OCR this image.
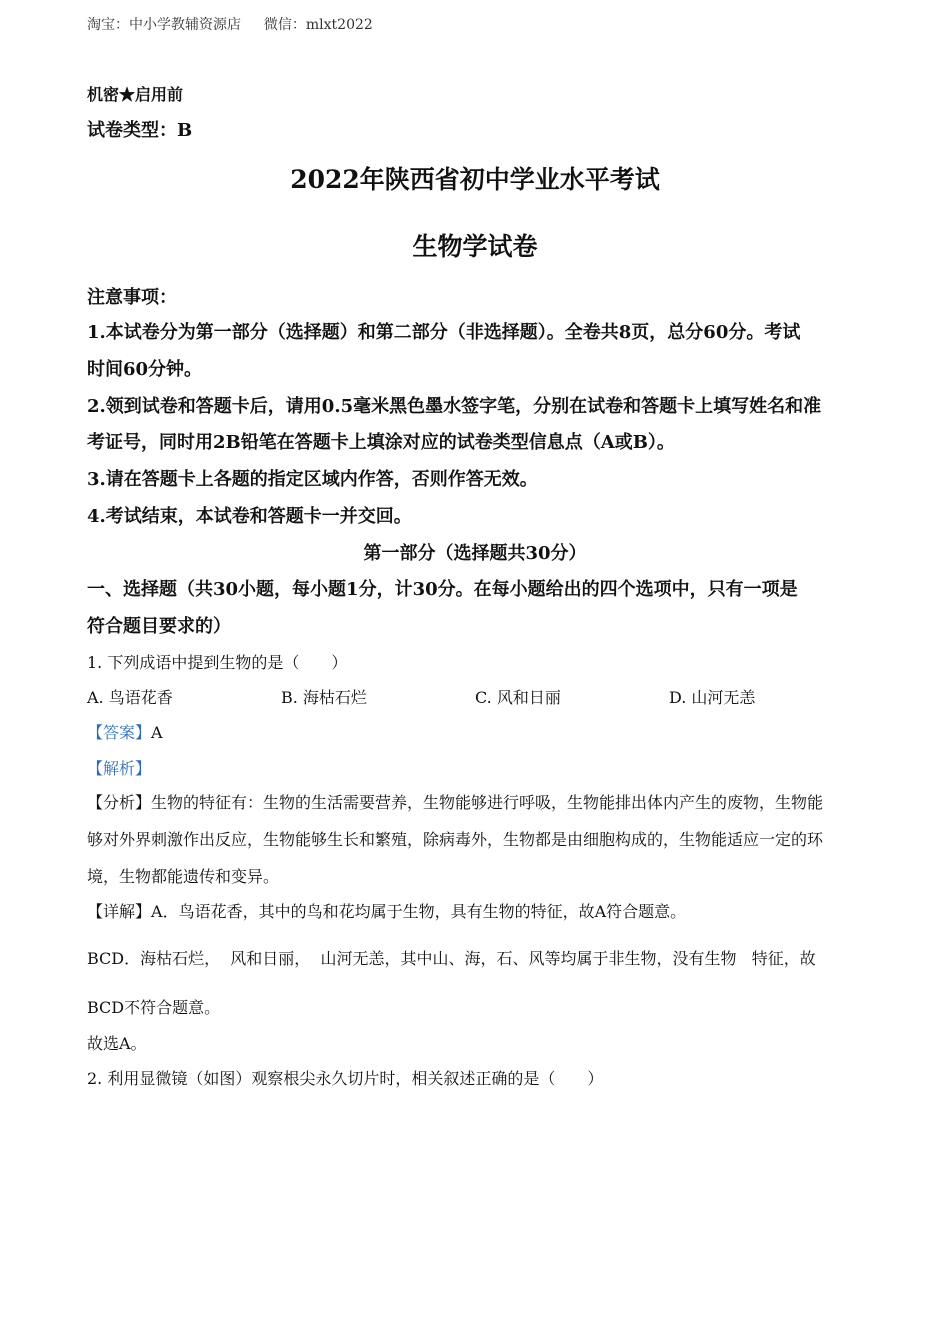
淘宝：中小学教辅资源店 微信：mlxt2022
机密★启用前
试卷类型：B
2022年陕西省初中学业水平考试
生物学试卷
注意事项：
1.本试卷分为第一部分（选择题）和第二部分（非选择题）。全卷共8页，总分60分。考试
时间60分钟。
2.领到试卷和答题卡后，请用0.5毫米黑色墨水签字笔，分别在试卷和答题卡上填写姓名和准
考证号，同时用2B铅笔在答题卡上填涂对应的试卷类型信息点（A或B）。
3.请在答题卡上各题的指定区域内作答，否则作答无效。
4.考试结束，本试卷和答题卡一并交回。
第一部分（选择题共30分）
一、选择题（共30小题，每小题1分，计30分。在每小题给出的四个选项中，只有一项是
符合题目要求的）
1. 下列成语中提到生物的是（　　）
A. 鸟语花香	B. 海枯石烂	C. 风和日丽	D. 山河无恙
【答案】A
【解析】
【分析】生物的特征有：生物的生活需要营养，生物能够进行呼吸，生物能排出体内产生的废物，生物能
够对外界刺激作出反应，生物能够生长和繁殖，除病毒外，生物都是由细胞构成的，生物能适应一定的环
境，生物都能遗传和变异。
【详解】A．鸟语花香，其中的鸟和花均属于生物，具有生物的特征，故A符合题意。
BCD．海枯石烂，  风和日丽，  山河无恙，其中山、海，石、风等均属于非生物，没有生物   特征，故
BCD不符合题意。
故选A。
2. 利用显微镜（如图）观察根尖永久切片时，相关叙述正确的是（　　）
